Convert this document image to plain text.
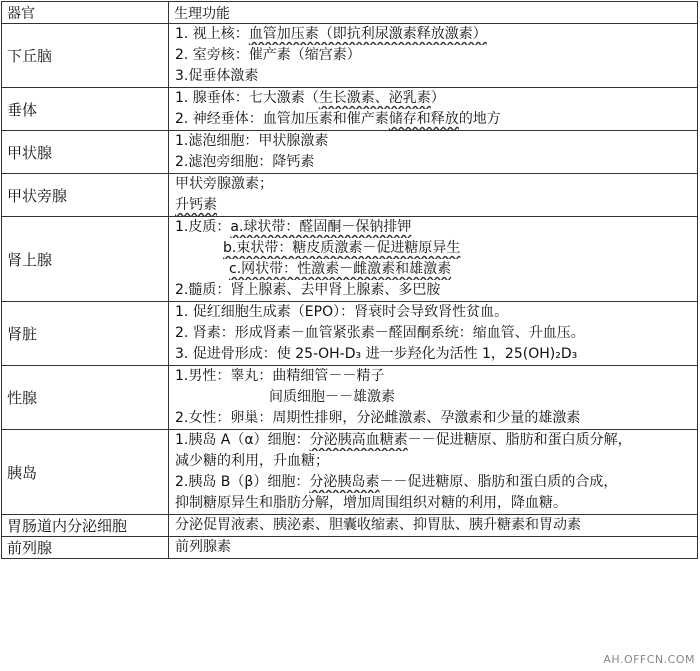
器官	生理功能
下丘脑	1. 视上核：血管加压素（即抗利尿激素释放激素）
2. 室旁核：催产素（缩宫素）
3.促垂体激素

垂体	1. 腺垂体：七大激素（生长激素、泌乳素）
2. 神经垂体：血管加压素和催产素储存和释放的地方

甲状腺	1.滤泡细胞：甲状腺激素
2.滤泡旁细胞：降钙素

甲状旁腺	甲状旁腺激素；
升钙素

肾上腺	1.皮质：a.球状带：醛固酮－保钠排钾
b.束状带：糖皮质激素－促进糖原异生
c.网状带：性激素－雌激素和雄激素
2.髓质：肾上腺素、去甲肾上腺素、多巴胺

肾脏	1. 促红细胞生成素（EPO）：肾衰时会导致肾性贫血。
2. 肾素：形成肾素－血管紧张素－醛固酮系统：缩血管、升血压。
3. 促进骨形成：使 25-OH-D₃ 进一步羟化为活性 1，25(OH)₂D₃

性腺	1.男性：睾丸：曲精细管－－精子
间质细胞－－雄激素
2.女性：卵巢：周期性排卵，分泌雌激素、孕激素和少量的雄激素

胰岛	1.胰岛 A（α）细胞：分泌胰高血糖素－－促进糖原、脂肪和蛋白质分解，
减少糖的利用，升血糖；
2.胰岛 B（β）细胞：分泌胰岛素－－促进糖原、脂肪和蛋白质的合成，
抑制糖原异生和脂肪分解，增加周围组织对糖的利用，降血糖。

胃肠道内分泌细胞	分泌促胃液素、胰泌素、胆囊收缩素、抑胃肽、胰升糖素和胃动素

前列腺	前列腺素
AH.OFFCN.COM
